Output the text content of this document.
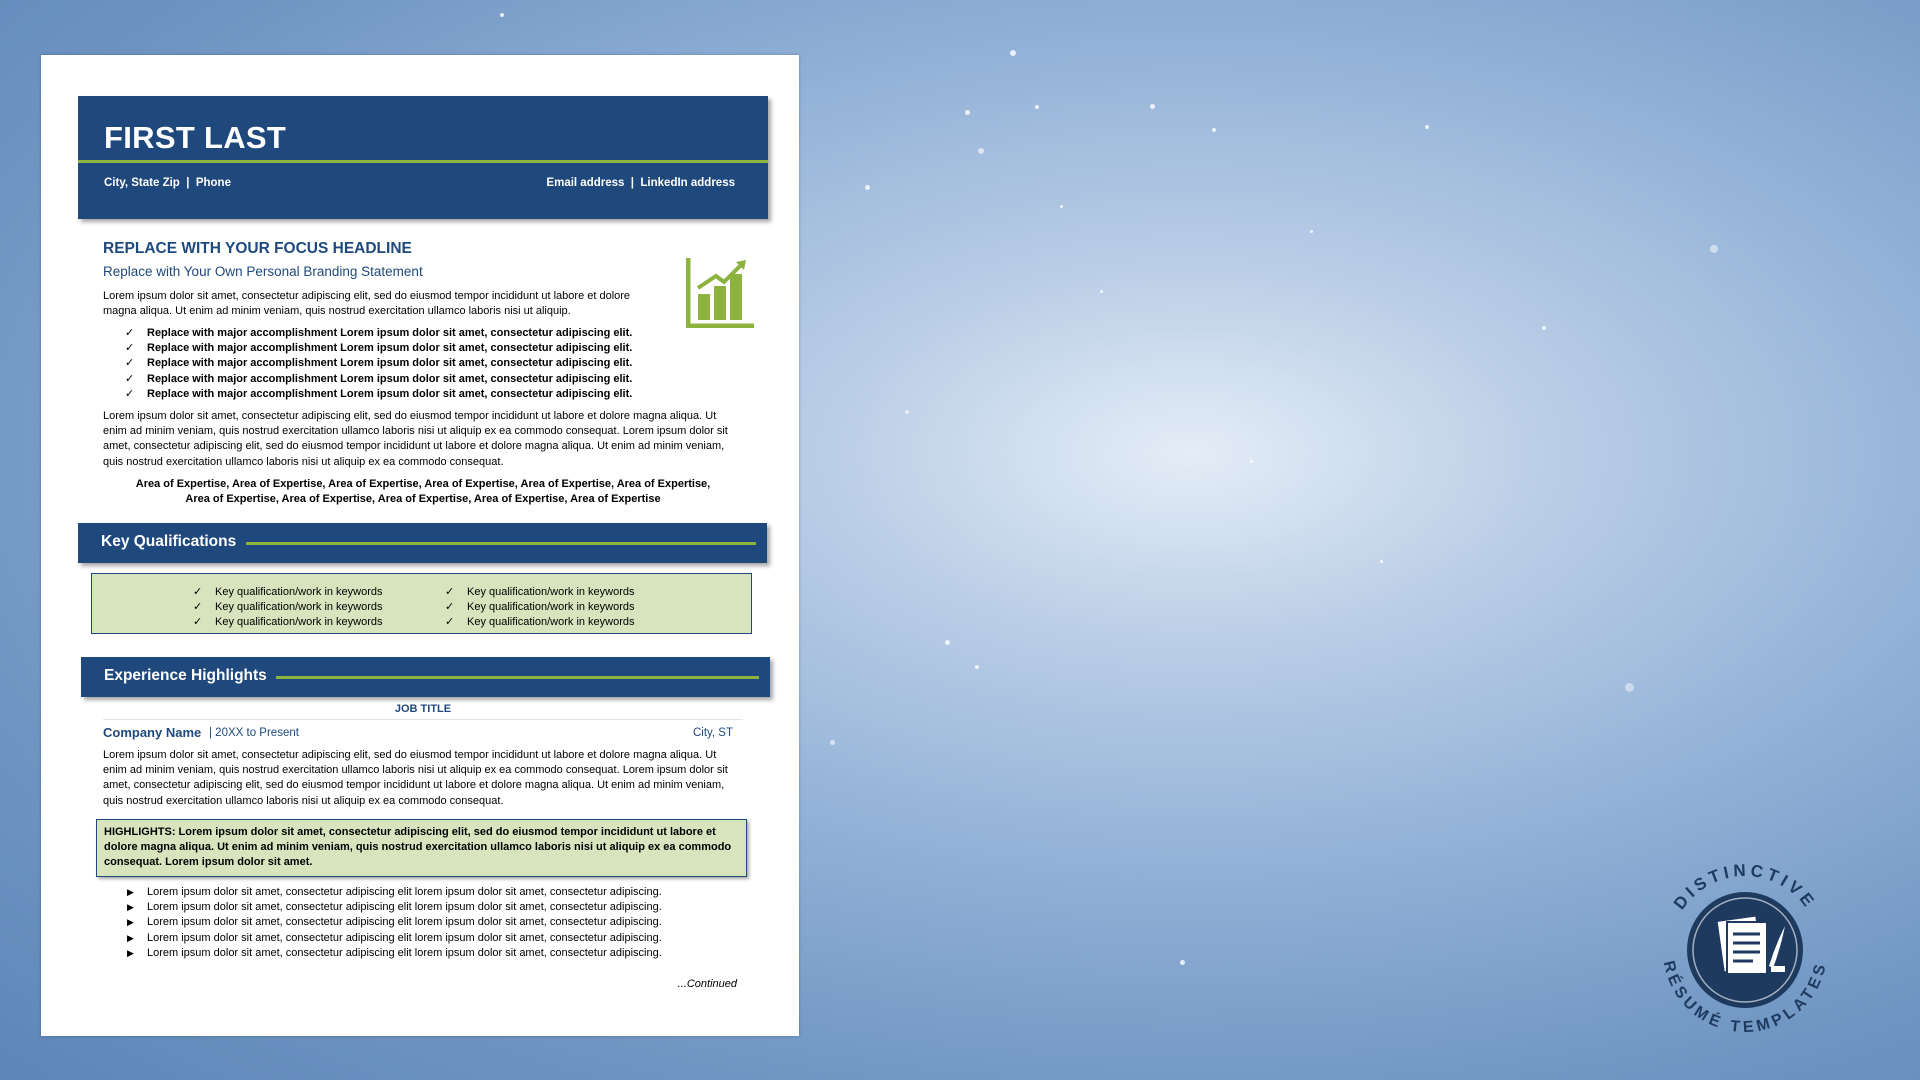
FIRST LAST
City, State Zip  |  Phone	Email address  |  LinkedIn address
REPLACE WITH YOUR FOCUS HEADLINE
Replace with Your Own Personal Branding Statement
Lorem ipsum dolor sit amet, consectetur adipiscing elit, sed do eiusmod tempor incididunt ut labore et dolore magna aliqua. Ut enim ad minim veniam, quis nostrud exercitation ullamco laboris nisi ut aliquip.
✓ Replace with major accomplishment Lorem ipsum dolor sit amet, consectetur adipiscing elit.
✓ Replace with major accomplishment Lorem ipsum dolor sit amet, consectetur adipiscing elit.
✓ Replace with major accomplishment Lorem ipsum dolor sit amet, consectetur adipiscing elit.
✓ Replace with major accomplishment Lorem ipsum dolor sit amet, consectetur adipiscing elit.
✓ Replace with major accomplishment Lorem ipsum dolor sit amet, consectetur adipiscing elit.
Lorem ipsum dolor sit amet, consectetur adipiscing elit, sed do eiusmod tempor incididunt ut labore et dolore magna aliqua. Ut enim ad minim veniam, quis nostrud exercitation ullamco laboris nisi ut aliquip ex ea commodo consequat. Lorem ipsum dolor sit amet, consectetur adipiscing elit, sed do eiusmod tempor incididunt ut labore et dolore magna aliqua. Ut enim ad minim veniam, quis nostrud exercitation ullamco laboris nisi ut aliquip ex ea commodo consequat.
Area of Expertise, Area of Expertise, Area of Expertise, Area of Expertise, Area of Expertise, Area of Expertise,
Area of Expertise, Area of Expertise, Area of Expertise, Area of Expertise, Area of Expertise
Key Qualifications
✓ Key qualification/work in keywords
✓ Key qualification/work in keywords
✓ Key qualification/work in keywords
✓ Key qualification/work in keywords
✓ Key qualification/work in keywords
✓ Key qualification/work in keywords
Experience Highlights
JOB TITLE
Company Name | 20XX to Present	City, ST
Lorem ipsum dolor sit amet, consectetur adipiscing elit, sed do eiusmod tempor incididunt ut labore et dolore magna aliqua. Ut enim ad minim veniam, quis nostrud exercitation ullamco laboris nisi ut aliquip ex ea commodo consequat. Lorem ipsum dolor sit amet, consectetur adipiscing elit, sed do eiusmod tempor incididunt ut labore et dolore magna aliqua. Ut enim ad minim veniam, quis nostrud exercitation ullamco laboris nisi ut aliquip ex ea commodo consequat.
HIGHLIGHTS: Lorem ipsum dolor sit amet, consectetur adipiscing elit, sed do eiusmod tempor incididunt ut labore et dolore magna aliqua. Ut enim ad minim veniam, quis nostrud exercitation ullamco laboris nisi ut aliquip ex ea commodo consequat. Lorem ipsum dolor sit amet.
▶ Lorem ipsum dolor sit amet, consectetur adipiscing elit lorem ipsum dolor sit amet, consectetur adipiscing.
▶ Lorem ipsum dolor sit amet, consectetur adipiscing elit lorem ipsum dolor sit amet, consectetur adipiscing.
▶ Lorem ipsum dolor sit amet, consectetur adipiscing elit lorem ipsum dolor sit amet, consectetur adipiscing.
▶ Lorem ipsum dolor sit amet, consectetur adipiscing elit lorem ipsum dolor sit amet, consectetur adipiscing.
▶ Lorem ipsum dolor sit amet, consectetur adipiscing elit lorem ipsum dolor sit amet, consectetur adipiscing.
...Continued
DISTINCTIVE
RÉSUMÉ TEMPLATES
